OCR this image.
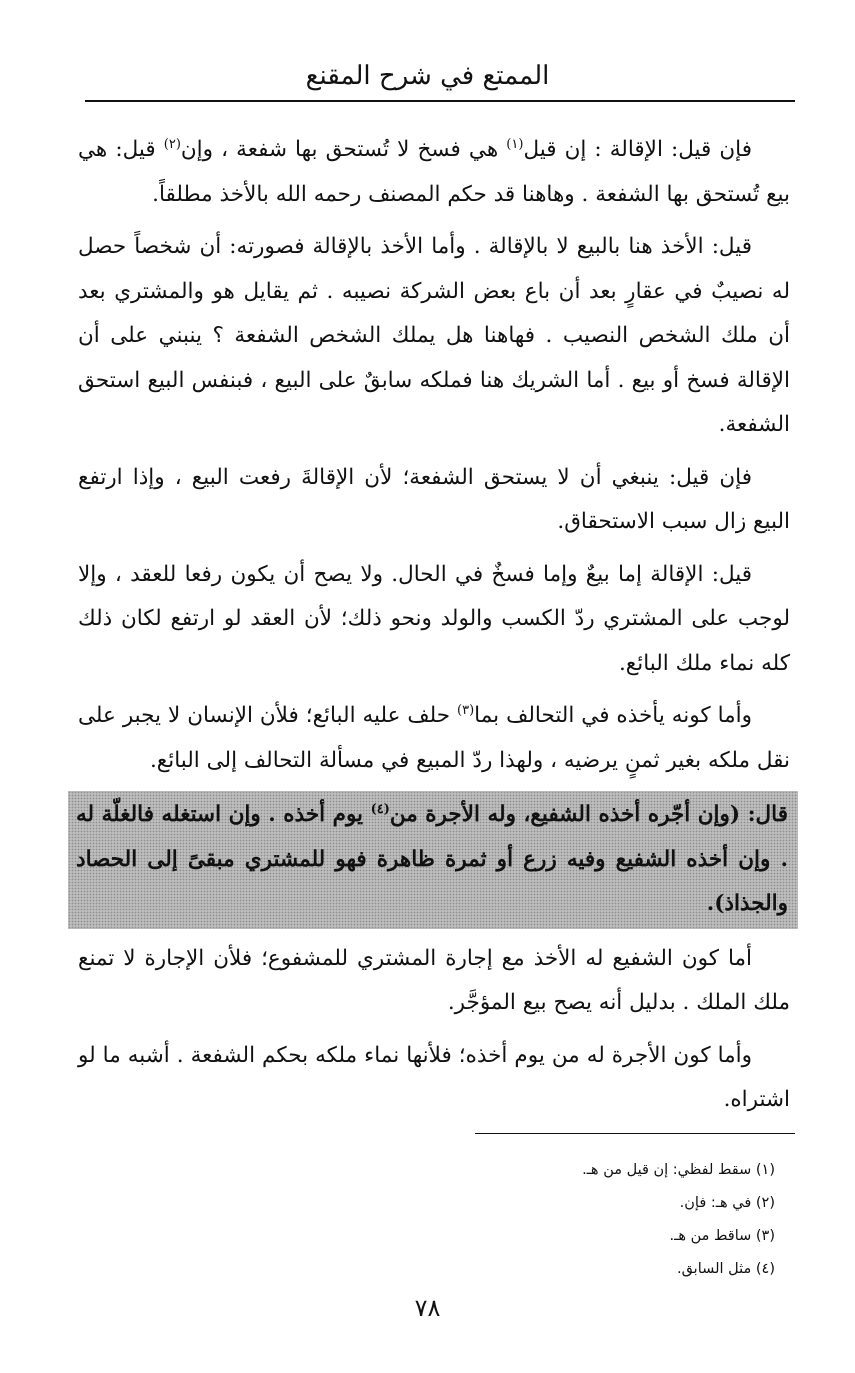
الممتع في شرح المقنع

فإن قيل: الإقالة : إن قيل$^{(١)}$ هي فسخ لا تُستحق بها شفعة ، وإن$^{(٢)}$ قيل: هي بيع تُستحق بها الشفعة . وهاهنا قد حكم المصنف رحمه الله بالأخذ مطلقاً.

قيل: الأخذ هنا بالبيع لا بالإقالة . وأما الأخذ بالإقالة فصورته: أن شخصاً حصل له نصيبٌ في عقارٍ بعد أن باع بعض الشركة نصيبه . ثم يقايل هو والمشتري بعد أن ملك الشخص النصيب . فهاهنا هل يملك الشخص الشفعة ؟ ينبني على أن الإقالة فسخ أو بيع . أما الشريك هنا فملكه سابقٌ على البيع ، فبنفس البيع استحق الشفعة.

فإن قيل: ينبغي أن لا يستحق الشفعة؛ لأن الإقالةَ رفعت البيع ، وإذا ارتفع البيع زال سبب الاستحقاق.

قيل: الإقالة إما بيعٌ وإما فسخٌ في الحال. ولا يصح أن يكون رفعا للعقد ، وإلا لوجب على المشتري ردّ الكسب والولد ونحو ذلك؛ لأن العقد لو ارتفع لكان ذلك كله نماء ملك البائع.

وأما كونه يأخذه في التحالف بما$^{(٣)}$ حلف عليه البائع؛ فلأن الإنسان لا يجبر على نقل ملكه بغير ثمنٍ يرضيه ، ولهذا ردّ المبيع في مسألة التحالف إلى البائع.

قال: (وإن أجّره أخذه الشفيع، وله الأجرة من$^{(٤)}$ يوم أخذه . وإن استغله فالغلّة له . وإن أخذه الشفيع وفيه زرع أو ثمرة ظاهرة فهو للمشتري مبقىً إلى الحصاد والجذاذ).

أما كون الشفيع له الأخذ مع إجارة المشتري للمشفوع؛ فلأن الإجارة لا تمنع ملك الملك . بدليل أنه يصح بيع المؤجَّر.

وأما كون الأجرة له من يوم أخذه؛ فلأنها نماء ملكه بحكم الشفعة . أشبه ما لو اشتراه.

(١) سقط لفظي: إن قيل من هـ.

(٢) في هـ: فإن.

(٣) ساقط من هـ.

(٤) مثل السابق.

٧٨
